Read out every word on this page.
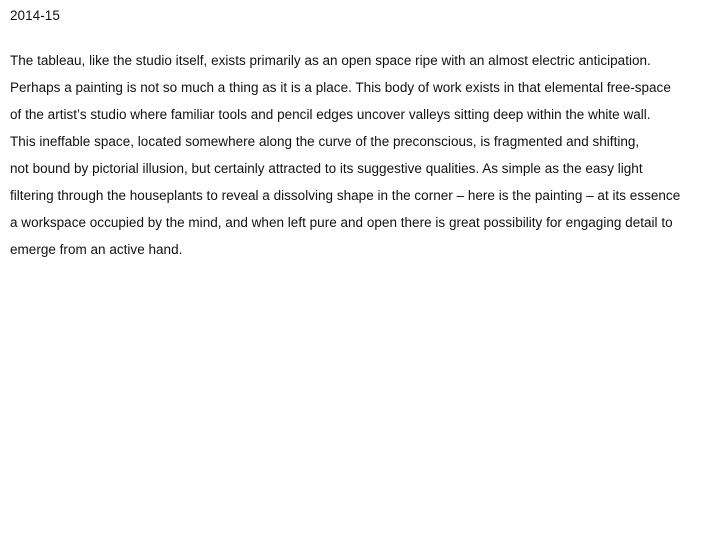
2014-15

The tableau, like the studio itself, exists primarily as an open space ripe with an almost electric anticipation.

Perhaps a painting is not so much a thing as it is a place. This body of work exists in that elemental free-space

of the artist’s studio where familiar tools and pencil edges uncover valleys sitting deep within the white wall.

This ineffable space, located somewhere along the curve of the preconscious, is fragmented and shifting,

not bound by pictorial illusion, but certainly attracted to its suggestive qualities. As simple as the easy light

filtering through the houseplants to reveal a dissolving shape in the corner – here is the painting – at its essence

a workspace occupied by the mind, and when left pure and open there is great possibility for engaging detail to

emerge from an active hand.
